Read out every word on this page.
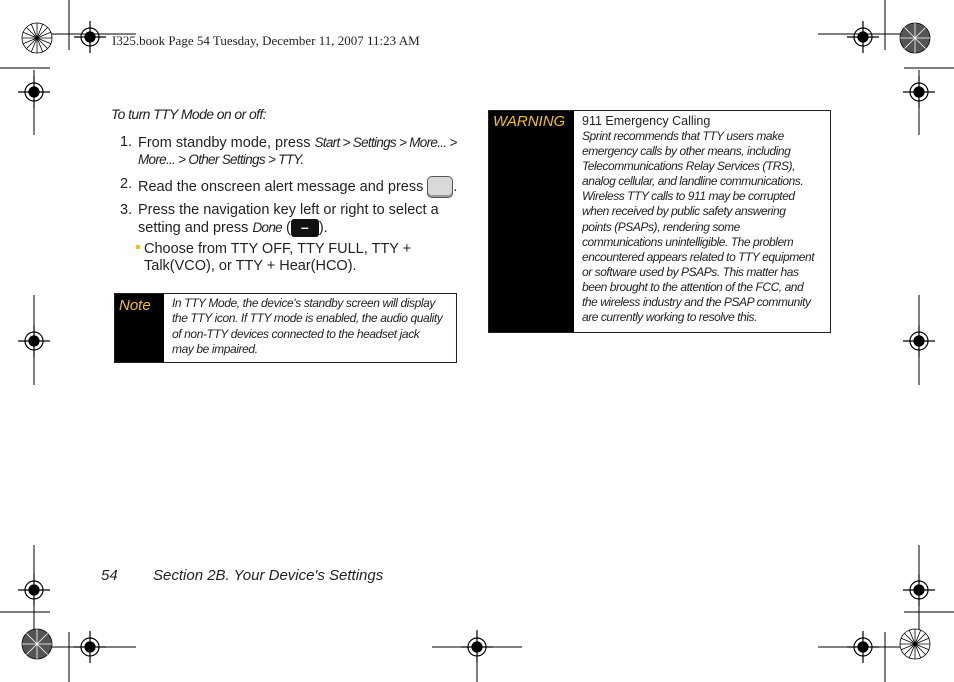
I325.book Page 54 Tuesday, December 11, 2007 11:23 AM
To turn TTY Mode on or off:
1. From standby mode, press Start > Settings > More... >
More... > Other Settings > TTY.
2. Read the onscreen alert message and press .
3. Press the navigation key left or right to select a
setting and press Done ( – ).
Choose from TTY OFF, TTY FULL, TTY +
Talk(VCO), or TTY + Hear(HCO).
Note In TTY Mode, the device's standby screen will display
the TTY icon. If TTY mode is enabled, the audio quality
of non-TTY devices connected to the headset jack
may be impaired.
WARNING 911 Emergency Calling
Sprint recommends that TTY users make
emergency calls by other means, including
Telecommunications Relay Services (TRS),
analog cellular, and landline communications.
Wireless TTY calls to 911 may be corrupted
when received by public safety answering
points (PSAPs), rendering some
communications unintelligible. The problem
encountered appears related to TTY equipment
or software used by PSAPs. This matter has
been brought to the attention of the FCC, and
the wireless industry and the PSAP community
are currently working to resolve this.
54 Section 2B. Your Device's Settings
